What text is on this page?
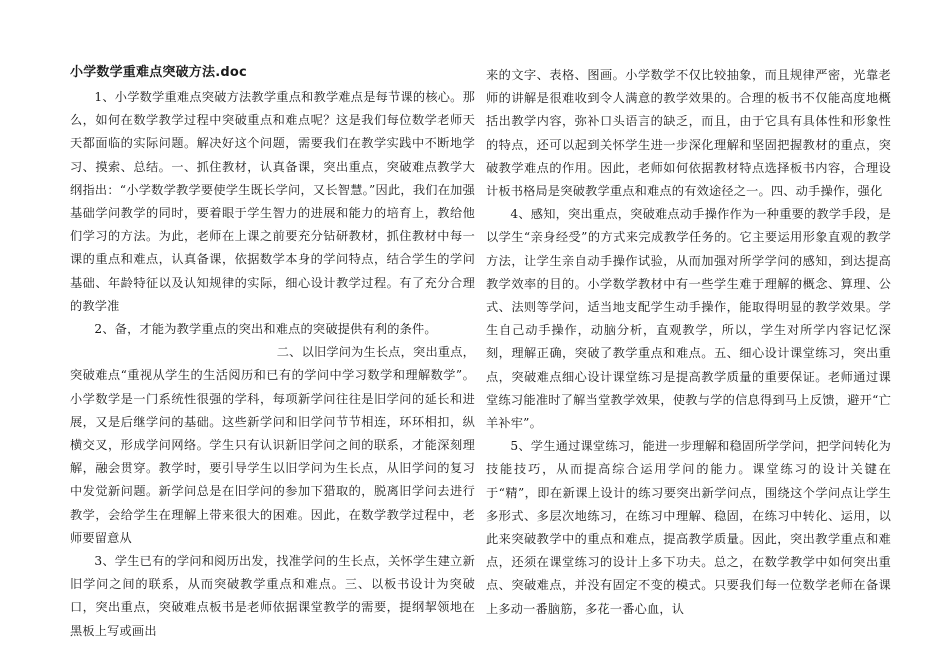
小学数学重难点突破方法.doc

1、小学数学重难点突破方法教学重点和教学难点是每节课的核心。那么，如何在数学教学过程中突破重点和难点呢？这是我们每位数学老师天天都面临的实际问题。解决好这个问题，需要我们在教学实践中不断地学习、摸索、总结。一、抓住教材，认真备课，突出重点，突破难点教学大纲指出：“小学数学教学要使学生既长学问，又长智慧。”因此，我们在加强基础学问教学的同时，要着眼于学生智力的进展和能力的培育上，教给他们学习的方法。为此，老师在上课之前要充分钻研教材，抓住教材中每一课的重点和难点，认真备课，依据数学本身的学问特点，结合学生的学问基础、年龄特征以及认知规律的实际，细心设计教学过程。有了充分合理的教学准

2、备，才能为教学重点的突出和难点的突破提供有利的条件。

二、以旧学问为生长点，突出重点，

突破难点“重视从学生的生活阅历和已有的学问中学习数学和理解数学”。小学数学是一门系统性很强的学科，每项新学问往往是旧学问的延长和进展，又是后继学问的基础。这些新学问和旧学问节节相连，环环相扣，纵横交叉，形成学问网络。学生只有认识新旧学问之间的联系，才能深刻理解，融会贯穿。教学时，要引导学生以旧学问为生长点，从旧学问的复习中发觉新问题。新学问总是在旧学问的参加下猎取的，脱离旧学问去进行教学，会给学生在理解上带来很大的困难。因此，在数学教学过程中，老师要留意从

3、学生已有的学问和阅历出发，找准学问的生长点，关怀学生建立新旧学问之间的联系，从而突破教学重点和难点。三、以板书设计为突破口，突出重点，突破难点板书是老师依据课堂教学的需要，提纲挈领地在黑板上写或画出

来的文字、表格、图画。小学数学不仅比较抽象，而且规律严密，光靠老师的讲解是很难收到令人满意的教学效果的。合理的板书不仅能高度地概括出教学内容，弥补口头语言的缺乏，而且，由于它具有具体性和形象性的特点，还可以起到关怀学生进一步深化理解和坚固把握教材的重点，突破教学难点的作用。因此，老师如何依据教材特点选择板书内容，合理设计板书格局是突破教学重点和难点的有效途径之一。四、动手操作，强化

4、感知，突出重点，突破难点动手操作作为一种重要的教学手段，是以学生“亲身经受”的方式来完成教学任务的。它主要运用形象直观的教学方法，让学生亲自动手操作试验，从而加强对所学学问的感知，到达提高教学效率的目的。小学数学教材中有一些学生难于理解的概念、算理、公式、法则等学问，适当地支配学生动手操作，能取得明显的教学效果。学生自己动手操作，动脑分析，直观教学，所以，学生对所学内容记忆深刻，理解正确，突破了教学重点和难点。五、细心设计课堂练习，突出重点，突破难点细心设计课堂练习是提高教学质量的重要保证。老师通过课堂练习能准时了解当堂教学效果，使教与学的信息得到马上反馈，避开“亡羊补牢”。

5、学生通过课堂练习，能进一步理解和稳固所学学问，把学问转化为技能技巧，从而提高综合运用学问的能力。课堂练习的设计关键在于“精”，即在新课上设计的练习要突出新学问点，围绕这个学问点让学生多形式、多层次地练习，在练习中理解、稳固，在练习中转化、运用，以此来突破教学中的重点和难点，提高教学质量。因此，突出教学重点和难点，还须在课堂练习的设计上多下功夫。总之，在数学教学中如何突出重点、突破难点，并没有固定不变的模式。只要我们每一位数学老师在备课上多动一番脑筋，多花一番心血，认
